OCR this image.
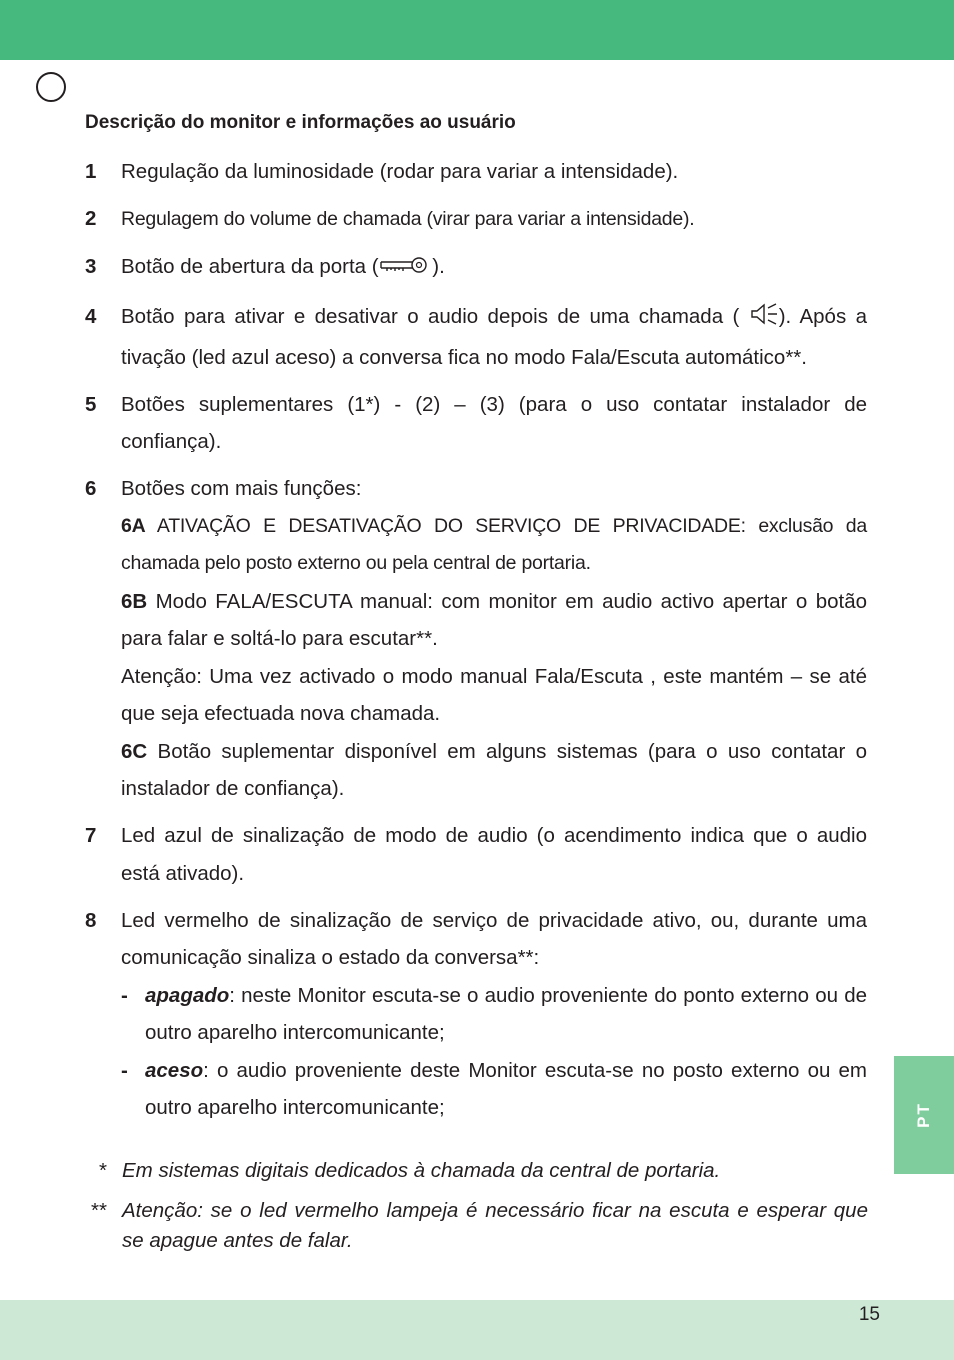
Descrição do monitor e informações ao usuário
1 Regulação da luminosidade (rodar para variar a intensidade).
2 Regulagem do volume de chamada (virar para variar a intensidade).
3 Botão de abertura da porta ( ).
4 Botão para ativar e desativar o audio depois de uma chamada ( ). Após a tivação (led azul aceso) a conversa fica no modo Fala/Escuta automático**.
5 Botões suplementares (1*) - (2) – (3) (para o uso contatar instalador de confiança).
6 Botões com mais funções:
6A ATIVAÇÃO E DESATIVAÇÃO DO SERVIÇO DE PRIVACIDADE: exclusão da chamada pelo posto externo ou pela central de portaria.
6B Modo FALA/ESCUTA manual: com monitor em audio activo apertar o botão para falar e soltá-lo para escutar**.
Atenção: Uma vez activado o modo manual Fala/Escuta , este mantém – se até que seja efectuada nova chamada.
6C Botão suplementar disponível em alguns sistemas (para o uso contatar o instalador de confiança).
7 Led azul de sinalização de modo de audio (o acendimento indica que o audio está ativado).
8 Led vermelho de sinalização de serviço de privacidade ativo, ou, durante uma comunicação sinaliza o estado da conversa**:
- apagado: neste Monitor escuta-se o audio proveniente do ponto externo ou de outro aparelho intercomunicante;
- aceso: o audio proveniente deste Monitor escuta-se no posto externo ou em outro aparelho intercomunicante;
* Em sistemas digitais dedicados à chamada da central de portaria.
** Atenção: se o led vermelho lampeja é necessário ficar na escuta e esperar que se apague antes de falar.
PT
15
